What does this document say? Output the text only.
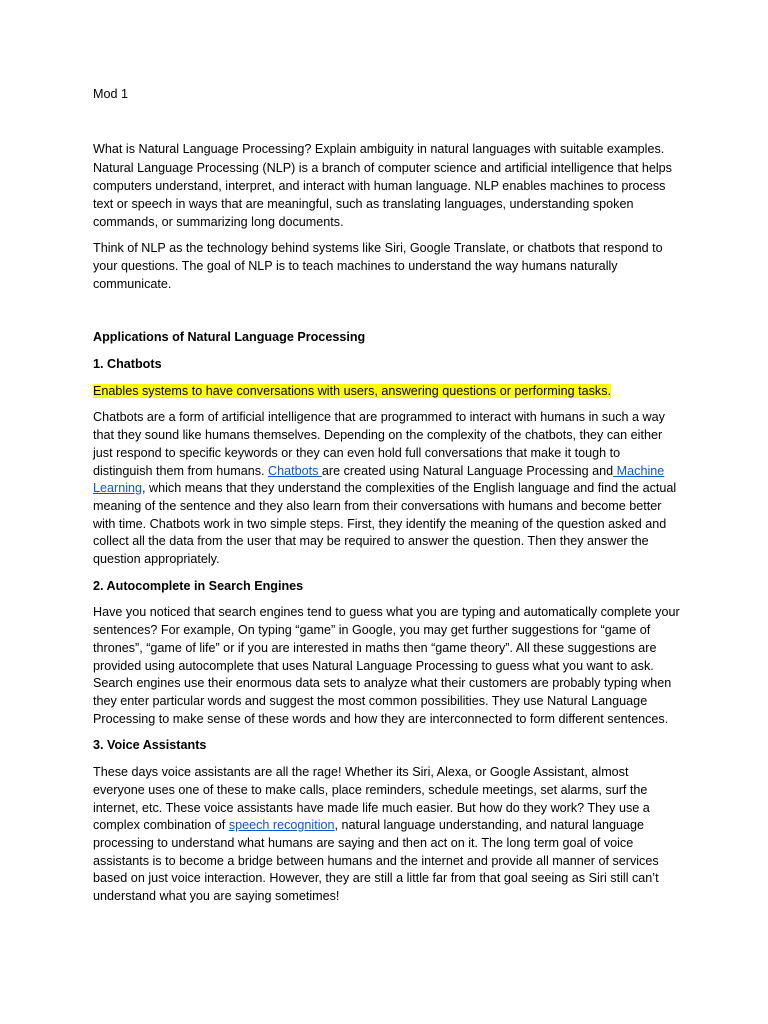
Mod 1

What is Natural Language Processing? Explain ambiguity in natural languages with suitable examples.

Natural Language Processing (NLP) is a branch of computer science and artificial intelligence that helps computers understand, interpret, and interact with human language. NLP enables machines to process text or speech in ways that are meaningful, such as translating languages, understanding spoken commands, or summarizing long documents.

Think of NLP as the technology behind systems like Siri, Google Translate, or chatbots that respond to your questions. The goal of NLP is to teach machines to understand the way humans naturally communicate.

Applications of Natural Language Processing

1. Chatbots

Enables systems to have conversations with users, answering questions or performing tasks.

Chatbots are a form of artificial intelligence that are programmed to interact with humans in such a way that they sound like humans themselves. Depending on the complexity of the chatbots, they can either just respond to specific keywords or they can even hold full conversations that make it tough to distinguish them from humans. Chatbots are created using Natural Language Processing and Machine Learning, which means that they understand the complexities of the English language and find the actual meaning of the sentence and they also learn from their conversations with humans and become better with time. Chatbots work in two simple steps. First, they identify the meaning of the question asked and collect all the data from the user that may be required to answer the question. Then they answer the question appropriately.

2. Autocomplete in Search Engines

Have you noticed that search engines tend to guess what you are typing and automatically complete your sentences? For example, On typing “game” in Google, you may get further suggestions for “game of thrones”, “game of life” or if you are interested in maths then “game theory”. All these suggestions are provided using autocomplete that uses Natural Language Processing to guess what you want to ask. Search engines use their enormous data sets to analyze what their customers are probably typing when they enter particular words and suggest the most common possibilities. They use Natural Language Processing to make sense of these words and how they are interconnected to form different sentences.

3. Voice Assistants

These days voice assistants are all the rage! Whether its Siri, Alexa, or Google Assistant, almost everyone uses one of these to make calls, place reminders, schedule meetings, set alarms, surf the internet, etc. These voice assistants have made life much easier. But how do they work? They use a complex combination of speech recognition, natural language understanding, and natural language processing to understand what humans are saying and then act on it. The long term goal of voice assistants is to become a bridge between humans and the internet and provide all manner of services based on just voice interaction. However, they are still a little far from that goal seeing as Siri still can’t understand what you are saying sometimes!
